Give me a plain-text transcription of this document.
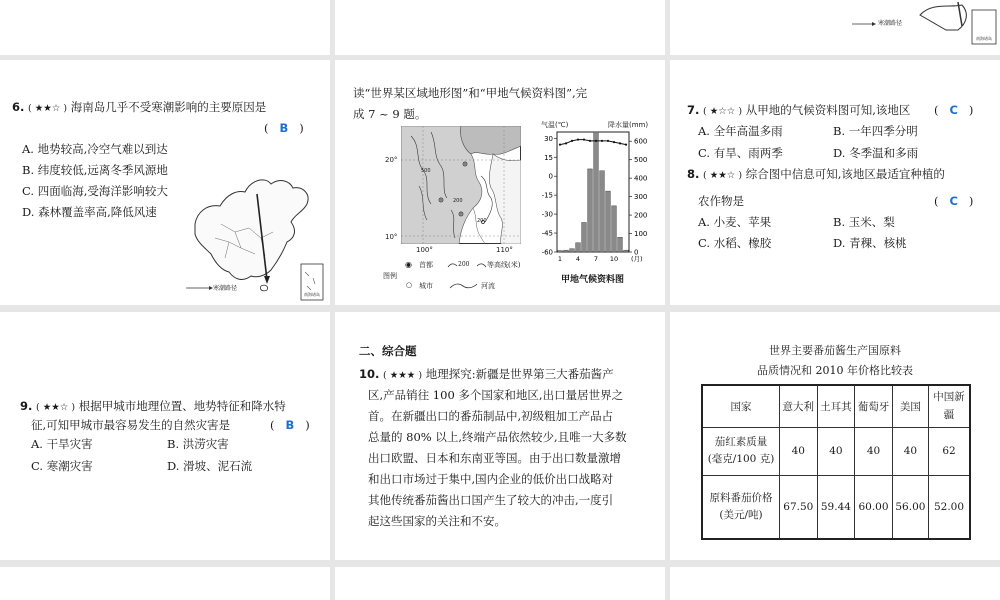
寒潮路径
南海诸岛
6. ( ★★☆ ) 海南岛几乎不受寒潮影响的主要原因是
( B )
A. 地势较高,冷空气难以到达
B. 纬度较低,远离冬季风源地
C. 四面临海,受海洋影响较大
D. 森林覆盖率高,降低风速
寒潮路径
南海诸岛
读“世界某区域地形图”和“甲地气候资料图”,完
成 7 ~ 9 题。
20°
10°
100°	110°
500
200
200
图例
◉ 首都	200	等高线(米)
○ 城市	河流
气温(℃)	降水量(mm)
30
15
0
-15
-30
-45
-60
600
500
400
300
200
100
0
1 4 7 10 (月)
甲地气候资料图
7. ( ★☆☆ ) 从甲地的气候资料图可知,该地区 ( C )
A. 全年高温多雨	B. 一年四季分明
C. 有旱、雨两季	D. 冬季温和多雨
8. ( ★★☆ ) 综合图中信息可知,该地区最适宜种植的
农作物是	( C )
A. 小麦、苹果	B. 玉米、梨
C. 水稻、橡胶	D. 青稞、核桃
9. ( ★★☆ ) 根据甲城市地理位置、地势特征和降水特
征,可知甲城市最容易发生的自然灾害是	( B )
A. 干旱灾害	B. 洪涝灾害
C. 寒潮灾害	D. 滑坡、泥石流
二、综合题
10. ( ★★★ ) 地理探究:新疆是世界第三大番茄酱产
区,产品销往 100 多个国家和地区,出口量居世界之
首。在新疆出口的番茄制品中,初级粗加工产品占
总量的 80% 以上,终端产品依然较少,且唯一大多数
出口欧盟、日本和东南亚等国。由于出口数量激增
和出口市场过于集中,国内企业的低价出口战略对
其他传统番茄酱出口国产生了较大的冲击,一度引
起这些国家的关注和不安。
世界主要番茄酱生产国原料
品质情况和 2010 年价格比较表
国家	意大利	土耳其	葡萄牙	美国	中国新疆
茄红素质量
(毫克/100 克)	40	40	40	40	62
原料番茄价格
(美元/吨)	67.50	59.44	60.00	56.00	52.00
